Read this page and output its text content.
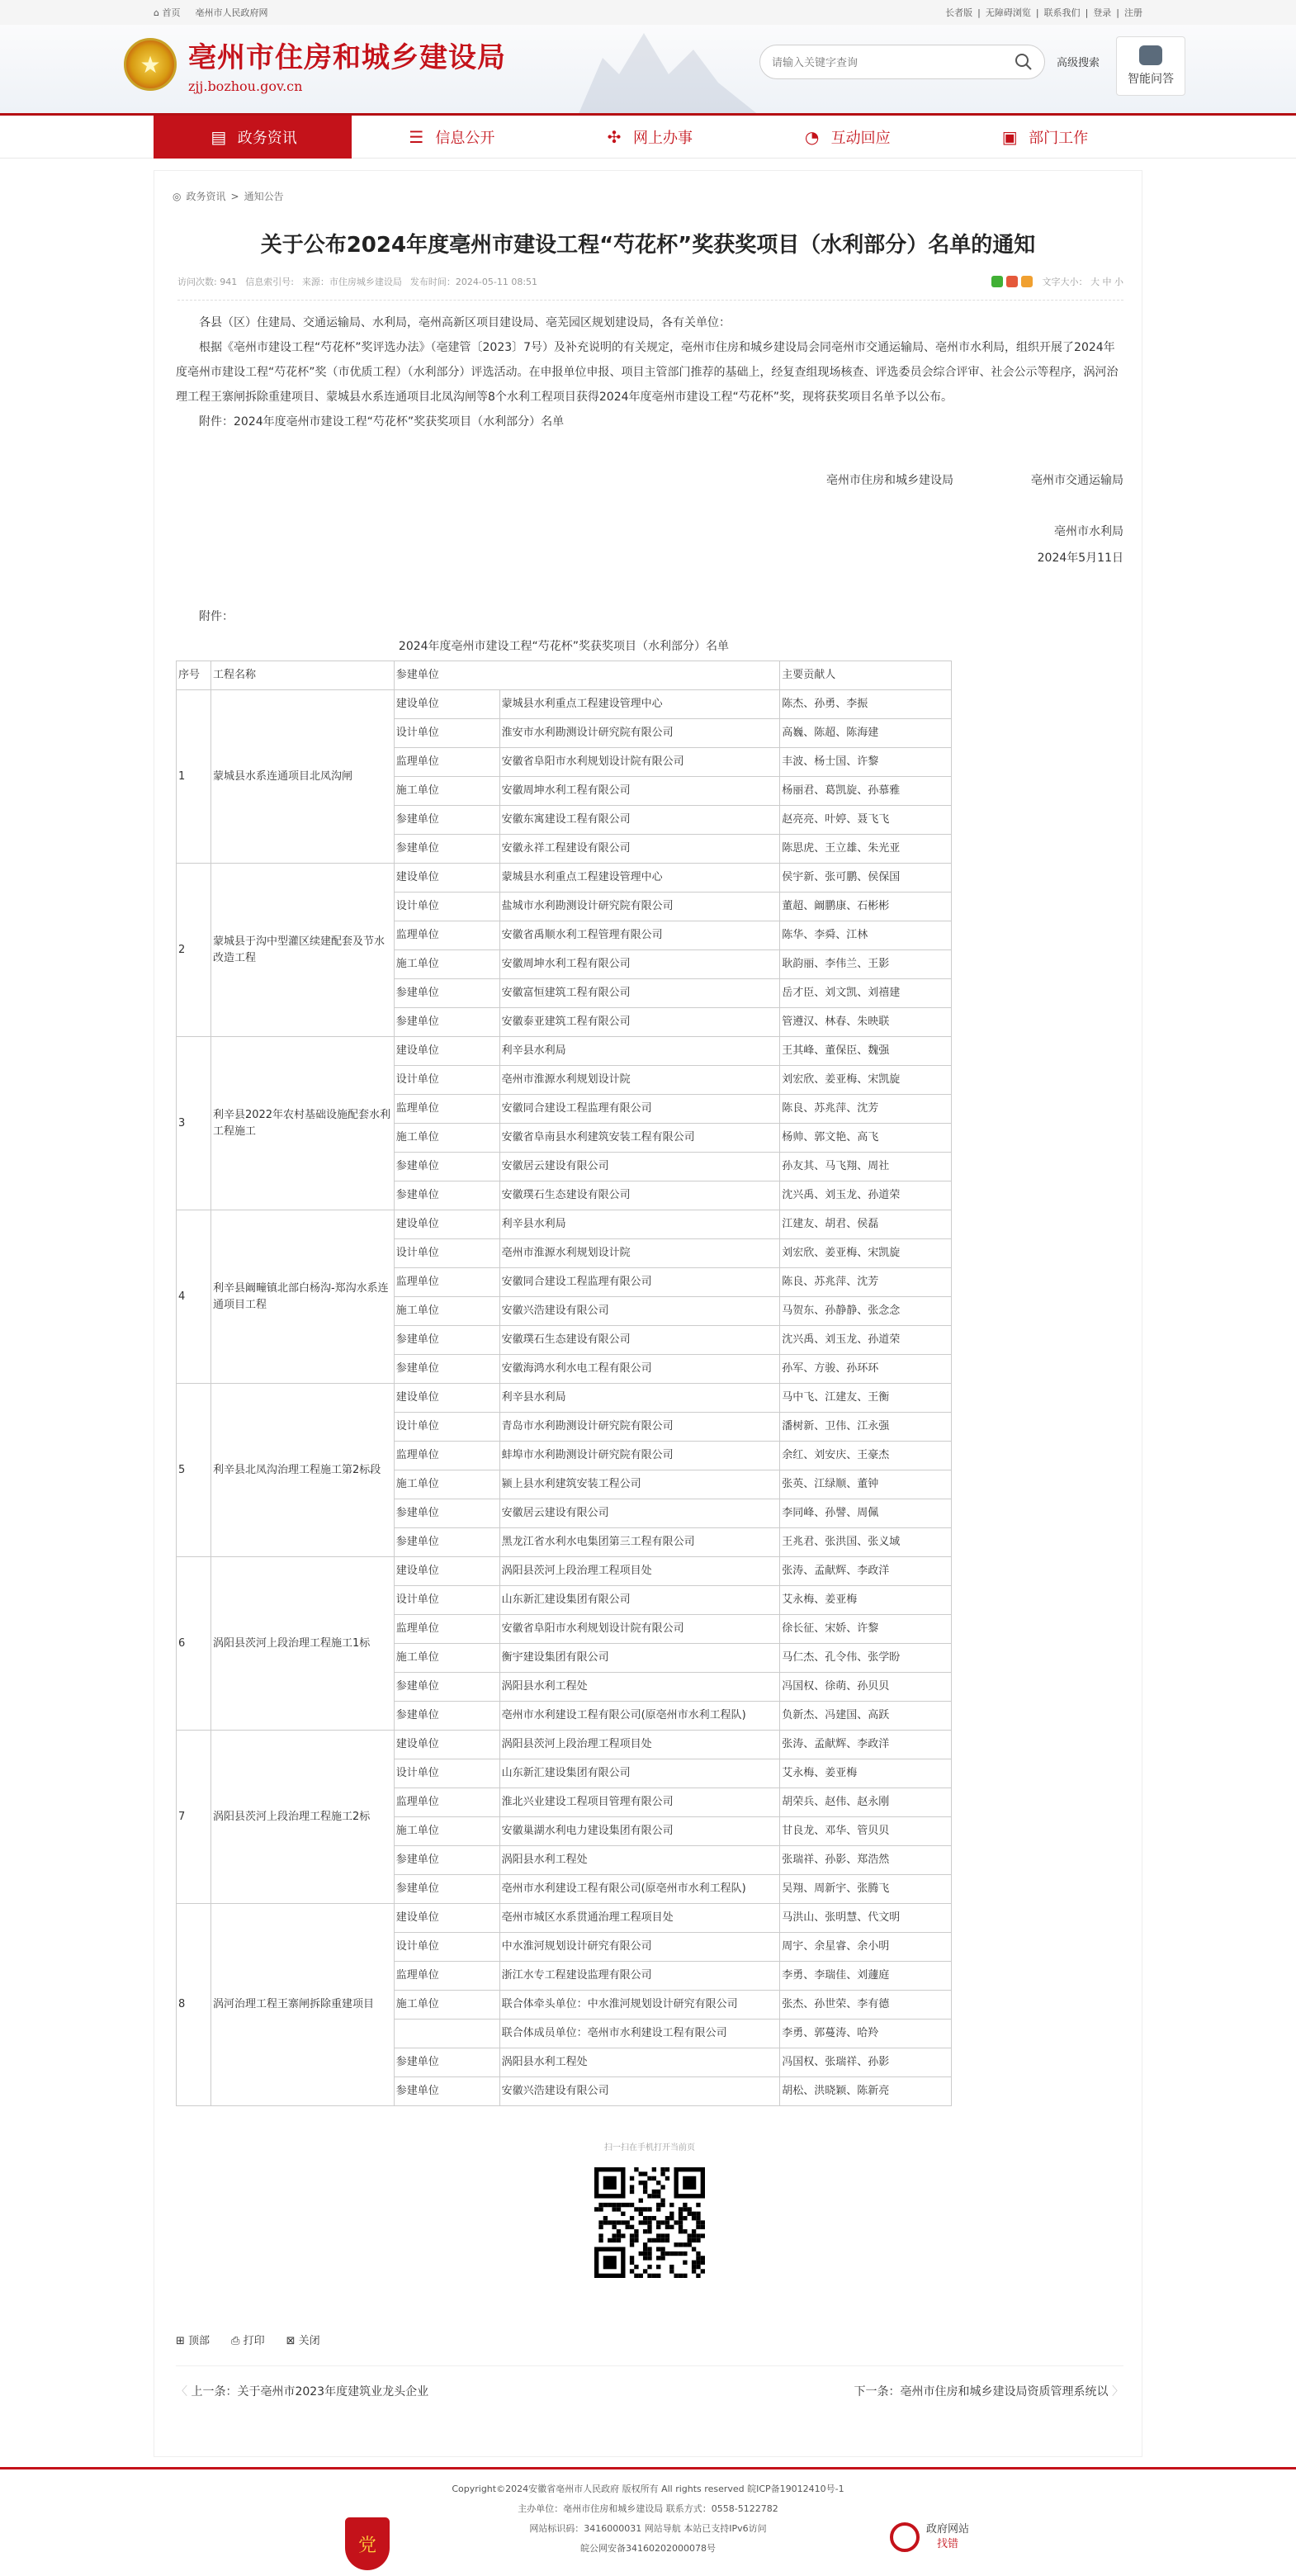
⌂ 首页 亳州市人民政府网	长者版 | 无障碍浏览 | 联系我们 | 登录 | 注册
★ 亳州市住房和城乡建设局
zjj.bozhou.gov.cn
请输入关键字查询
高级搜索
智能问答
▤ 政务资讯	☰ 信息公开	✣ 网上办事	◔ 互动回应	▣ 部门工作
◎ 政务资讯 > 通知公告
关于公布2024年度亳州市建设工程“芍花杯”奖获奖项目（水利部分）名单的通知
访问次数: 941 信息索引号: 来源：市住房城乡建设局 发布时间：2024-05-11 08:51	文字大小： 大 中 小

各县（区）住建局、交通运输局、水利局，亳州高新区项目建设局、亳芜园区规划建设局，各有关单位：

根据《亳州市建设工程“芍花杯”奖评选办法》（亳建管〔2023〕7号）及补充说明的有关规定，亳州市住房和城乡建设局会同亳州市交通运输局、亳州市水利局，组织开展了2024年度亳州市建设工程“芍花杯”奖（市优质工程）（水利部分）评选活动。在申报单位申报、项目主管部门推荐的基础上，经复查组现场核查、评选委员会综合评审、社会公示等程序，涡河治理工程王寨闸拆除重建项目、蒙城县水系连通项目北凤沟闸等8个水利工程项目获得2024年度亳州市建设工程“芍花杯”奖，现将获奖项目名单予以公布。

附件：2024年度亳州市建设工程“芍花杯”奖获奖项目（水利部分）名单

亳州市住房和城乡建设局	亳州市交通运输局
亳州市水利局
2024年5月11日
附件：
2024年度亳州市建设工程“芍花杯”奖获奖项目（水利部分）名单
序号	工程名称	参建单位		主要贡献人
1	蒙城县水系连通项目北凤沟闸	建设单位	蒙城县水利重点工程建设管理中心	陈杰、孙勇、李振
		设计单位	淮安市水利勘测设计研究院有限公司	高巍、陈超、陈海建
		监理单位	安徽省阜阳市水利规划设计院有限公司	丰波、杨士国、许黎
		施工单位	安徽周坤水利工程有限公司	杨丽君、葛凯旋、孙慕雅
		参建单位	安徽东寓建设工程有限公司	赵亮亮、叶婷、聂飞飞
		参建单位	安徽永祥工程建设有限公司	陈思虎、王立雄、朱光亚
2	蒙城县于沟中型灌区续建配套及节水改造工程	建设单位	蒙城县水利重点工程建设管理中心	侯宇新、张可鹏、侯保国
		设计单位	盐城市水利勘测设计研究院有限公司	董超、阚鹏康、石彬彬
		监理单位	安徽省禹顺水利工程管理有限公司	陈华、李舜、江林
		施工单位	安徽周坤水利工程有限公司	耿韵丽、李伟兰、王影
		参建单位	安徽富恒建筑工程有限公司	岳才臣、刘文凯、刘禧建
		参建单位	安徽泰亚建筑工程有限公司	管遵汉、林春、朱映联
3	利辛县2022年农村基础设施配套水利工程施工	建设单位	利辛县水利局	王其峰、董保臣、魏强
		设计单位	亳州市淮源水利规划设计院	刘宏欣、姜亚梅、宋凯旋
		监理单位	安徽同合建设工程监理有限公司	陈良、苏兆萍、沈芳
		施工单位	安徽省阜南县水利建筑安装工程有限公司	杨帅、郭文艳、高飞
		参建单位	安徽居云建设有限公司	孙友其、马飞翔、周社
		参建单位	安徽璞石生态建设有限公司	沈兴禹、刘玉龙、孙道荣
4	利辛县阚疃镇北部白杨沟-郑沟水系连通项目工程	建设单位	利辛县水利局	江建友、胡君、侯磊
		设计单位	亳州市淮源水利规划设计院	刘宏欣、姜亚梅、宋凯旋
		监理单位	安徽同合建设工程监理有限公司	陈良、苏兆萍、沈芳
		施工单位	安徽兴浩建设有限公司	马贺东、孙静静、张念念
		参建单位	安徽璞石生态建设有限公司	沈兴禹、刘玉龙、孙道荣
		参建单位	安徽海鸿水利水电工程有限公司	孙军、方骏、孙环环
5	利辛县北凤沟治理工程施工第2标段	建设单位	利辛县水利局	马中飞、江建友、王衡
		设计单位	青岛市水利勘测设计研究院有限公司	潘树新、卫伟、江永强
		监理单位	蚌埠市水利勘测设计研究院有限公司	余红、刘安庆、王豪杰
		施工单位	颍上县水利建筑安装工程公司	张英、江绿顺、董钟
		参建单位	安徽居云建设有限公司	李同峰、孙譬、周佩
		参建单位	黑龙江省水利水电集团第三工程有限公司	王兆君、张洪国、张义域
6	涡阳县茨河上段治理工程施工1标	建设单位	涡阳县茨河上段治理工程项目处	张涛、孟献辉、李政洋
		设计单位	山东新汇建设集团有限公司	艾永梅、姜亚梅
		监理单位	安徽省阜阳市水利规划设计院有限公司	徐长征、宋娇、许黎
		施工单位	衡宇建设集团有限公司	马仁杰、孔令伟、张学盼
		参建单位	涡阳县水利工程处	冯国权、徐萌、孙贝贝
		参建单位	亳州市水利建设工程有限公司(原亳州市水利工程队)	负新杰、冯建国、高跃
7	涡阳县茨河上段治理工程施工2标	建设单位	涡阳县茨河上段治理工程项目处	张涛、孟献辉、李政洋
		设计单位	山东新汇建设集团有限公司	艾永梅、姜亚梅
		监理单位	淮北兴业建设工程项目管理有限公司	胡荣兵、赵伟、赵永刚
		施工单位	安徽巢湖水利电力建设集团有限公司	甘良龙、邓华、管贝贝
		参建单位	涡阳县水利工程处	张瑞祥、孙影、郑浩然
		参建单位	亳州市水利建设工程有限公司(原亳州市水利工程队)	吴翔、周新宇、张腾飞
8	涡河治理工程王寨闸拆除重建项目	建设单位	亳州市城区水系贯通治理工程项目处	马洪山、张明慧、代文明
		设计单位	中水淮河规划设计研究有限公司	周宇、余星睿、余小明
		监理单位	浙江水专工程建设监理有限公司	李勇、李瑞佳、刘蘧庭
		施工单位	联合体牵头单位：中水淮河规划设计研究有限公司	张杰、孙世荣、李有德
			联合体成员单位：亳州市水利建设工程有限公司	李勇、郭蔓涛、哈羚
		参建单位	涡阳县水利工程处	冯国权、张瑞祥、孙影
		参建单位	安徽兴浩建设有限公司	胡松、洪晓颖、陈新亮
扫一扫在手机打开当前页
⊞ 顶部 ⎙ 打印 ⊠ 关闭
〈 上一条：关于亳州市2023年度建筑业龙头企业	下一条：亳州市住房和城乡建设局资质管理系统以 〉
Copyright©2024安徽省亳州市人民政府 版权所有 All rights reserved 皖ICP备19012410号-1
主办单位：亳州市住房和城乡建设局 联系方式：0558-5122782
网站标识码：3416000031 网站导航 本站已支持IPv6访问
皖公网安备34160202000078号
党
政府网站
找错
